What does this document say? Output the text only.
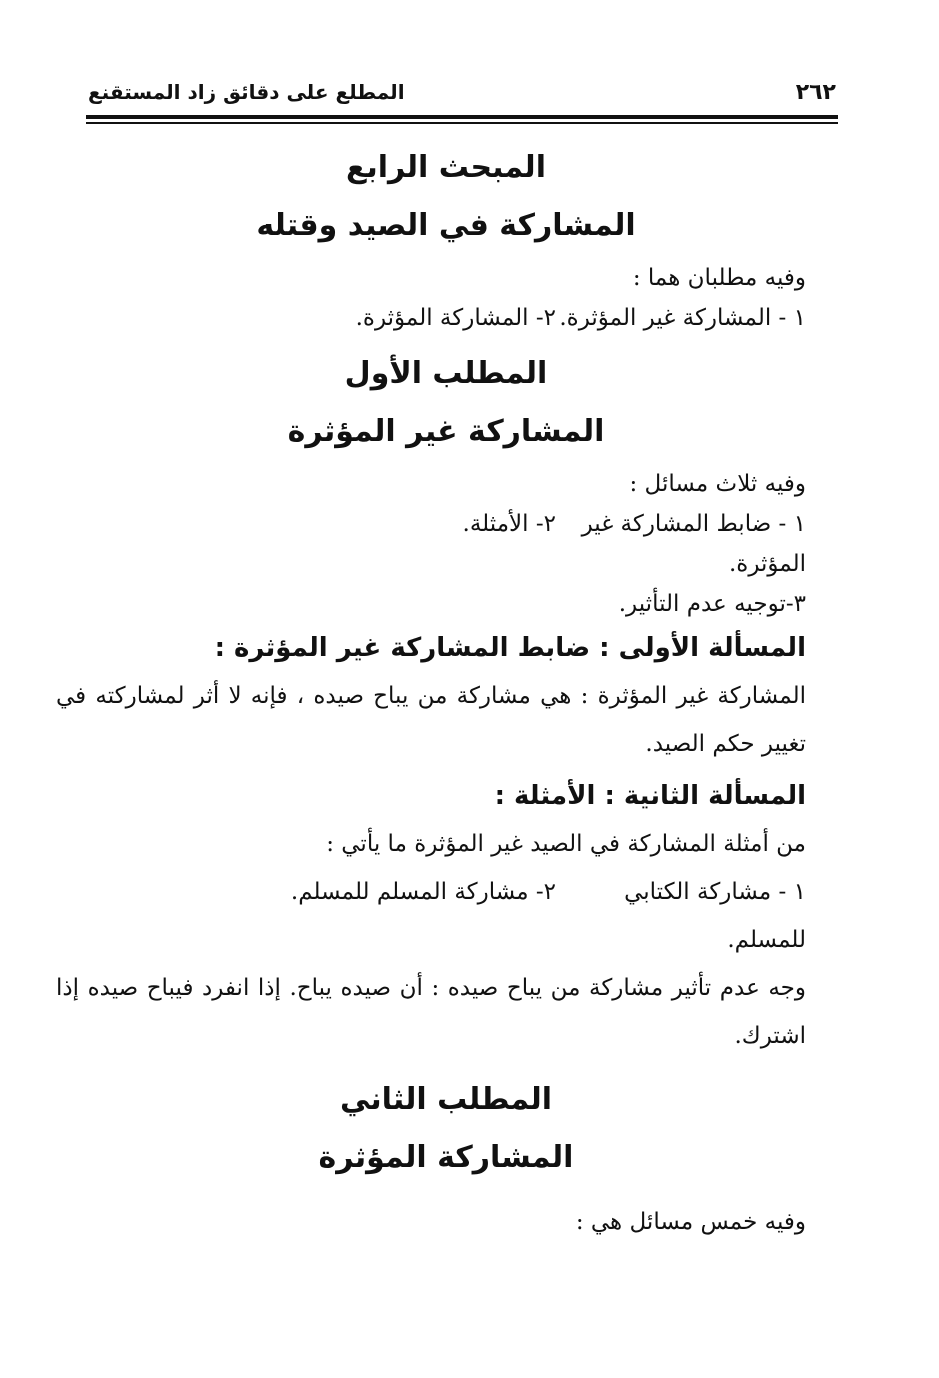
٢٦٢
المطلع على دقائق زاد المستقنع
المبحث الرابع
المشاركة في الصيد وقتله

وفيه مطلبان هما :

١ - المشاركة غير المؤثرة.
٢- المشاركة المؤثرة.
المطلب الأول
المشاركة غير المؤثرة

وفيه ثلاث مسائل :

١ - ضابط المشاركة غير المؤثرة.
٢- الأمثلة.

٣-توجيه عدم التأثير.

المسألة الأولى : ضابط المشاركة غير المؤثرة :

المشاركة غير المؤثرة : هي مشاركة من يباح صيده ، فإنه لا أثر لمشاركته في تغيير حكم الصيد.

المسألة الثانية : الأمثلة :

من أمثلة المشاركة في الصيد غير المؤثرة ما يأتي :

١ - مشاركة الكتابي للمسلم.
٢- مشاركة المسلم للمسلم.

وجه عدم تأثير مشاركة من يباح صيده : أن صيده يباح. إذا انفرد فيباح صيده إذا اشترك.

المطلب الثاني
المشاركة المؤثرة

وفيه خمس مسائل هي :
